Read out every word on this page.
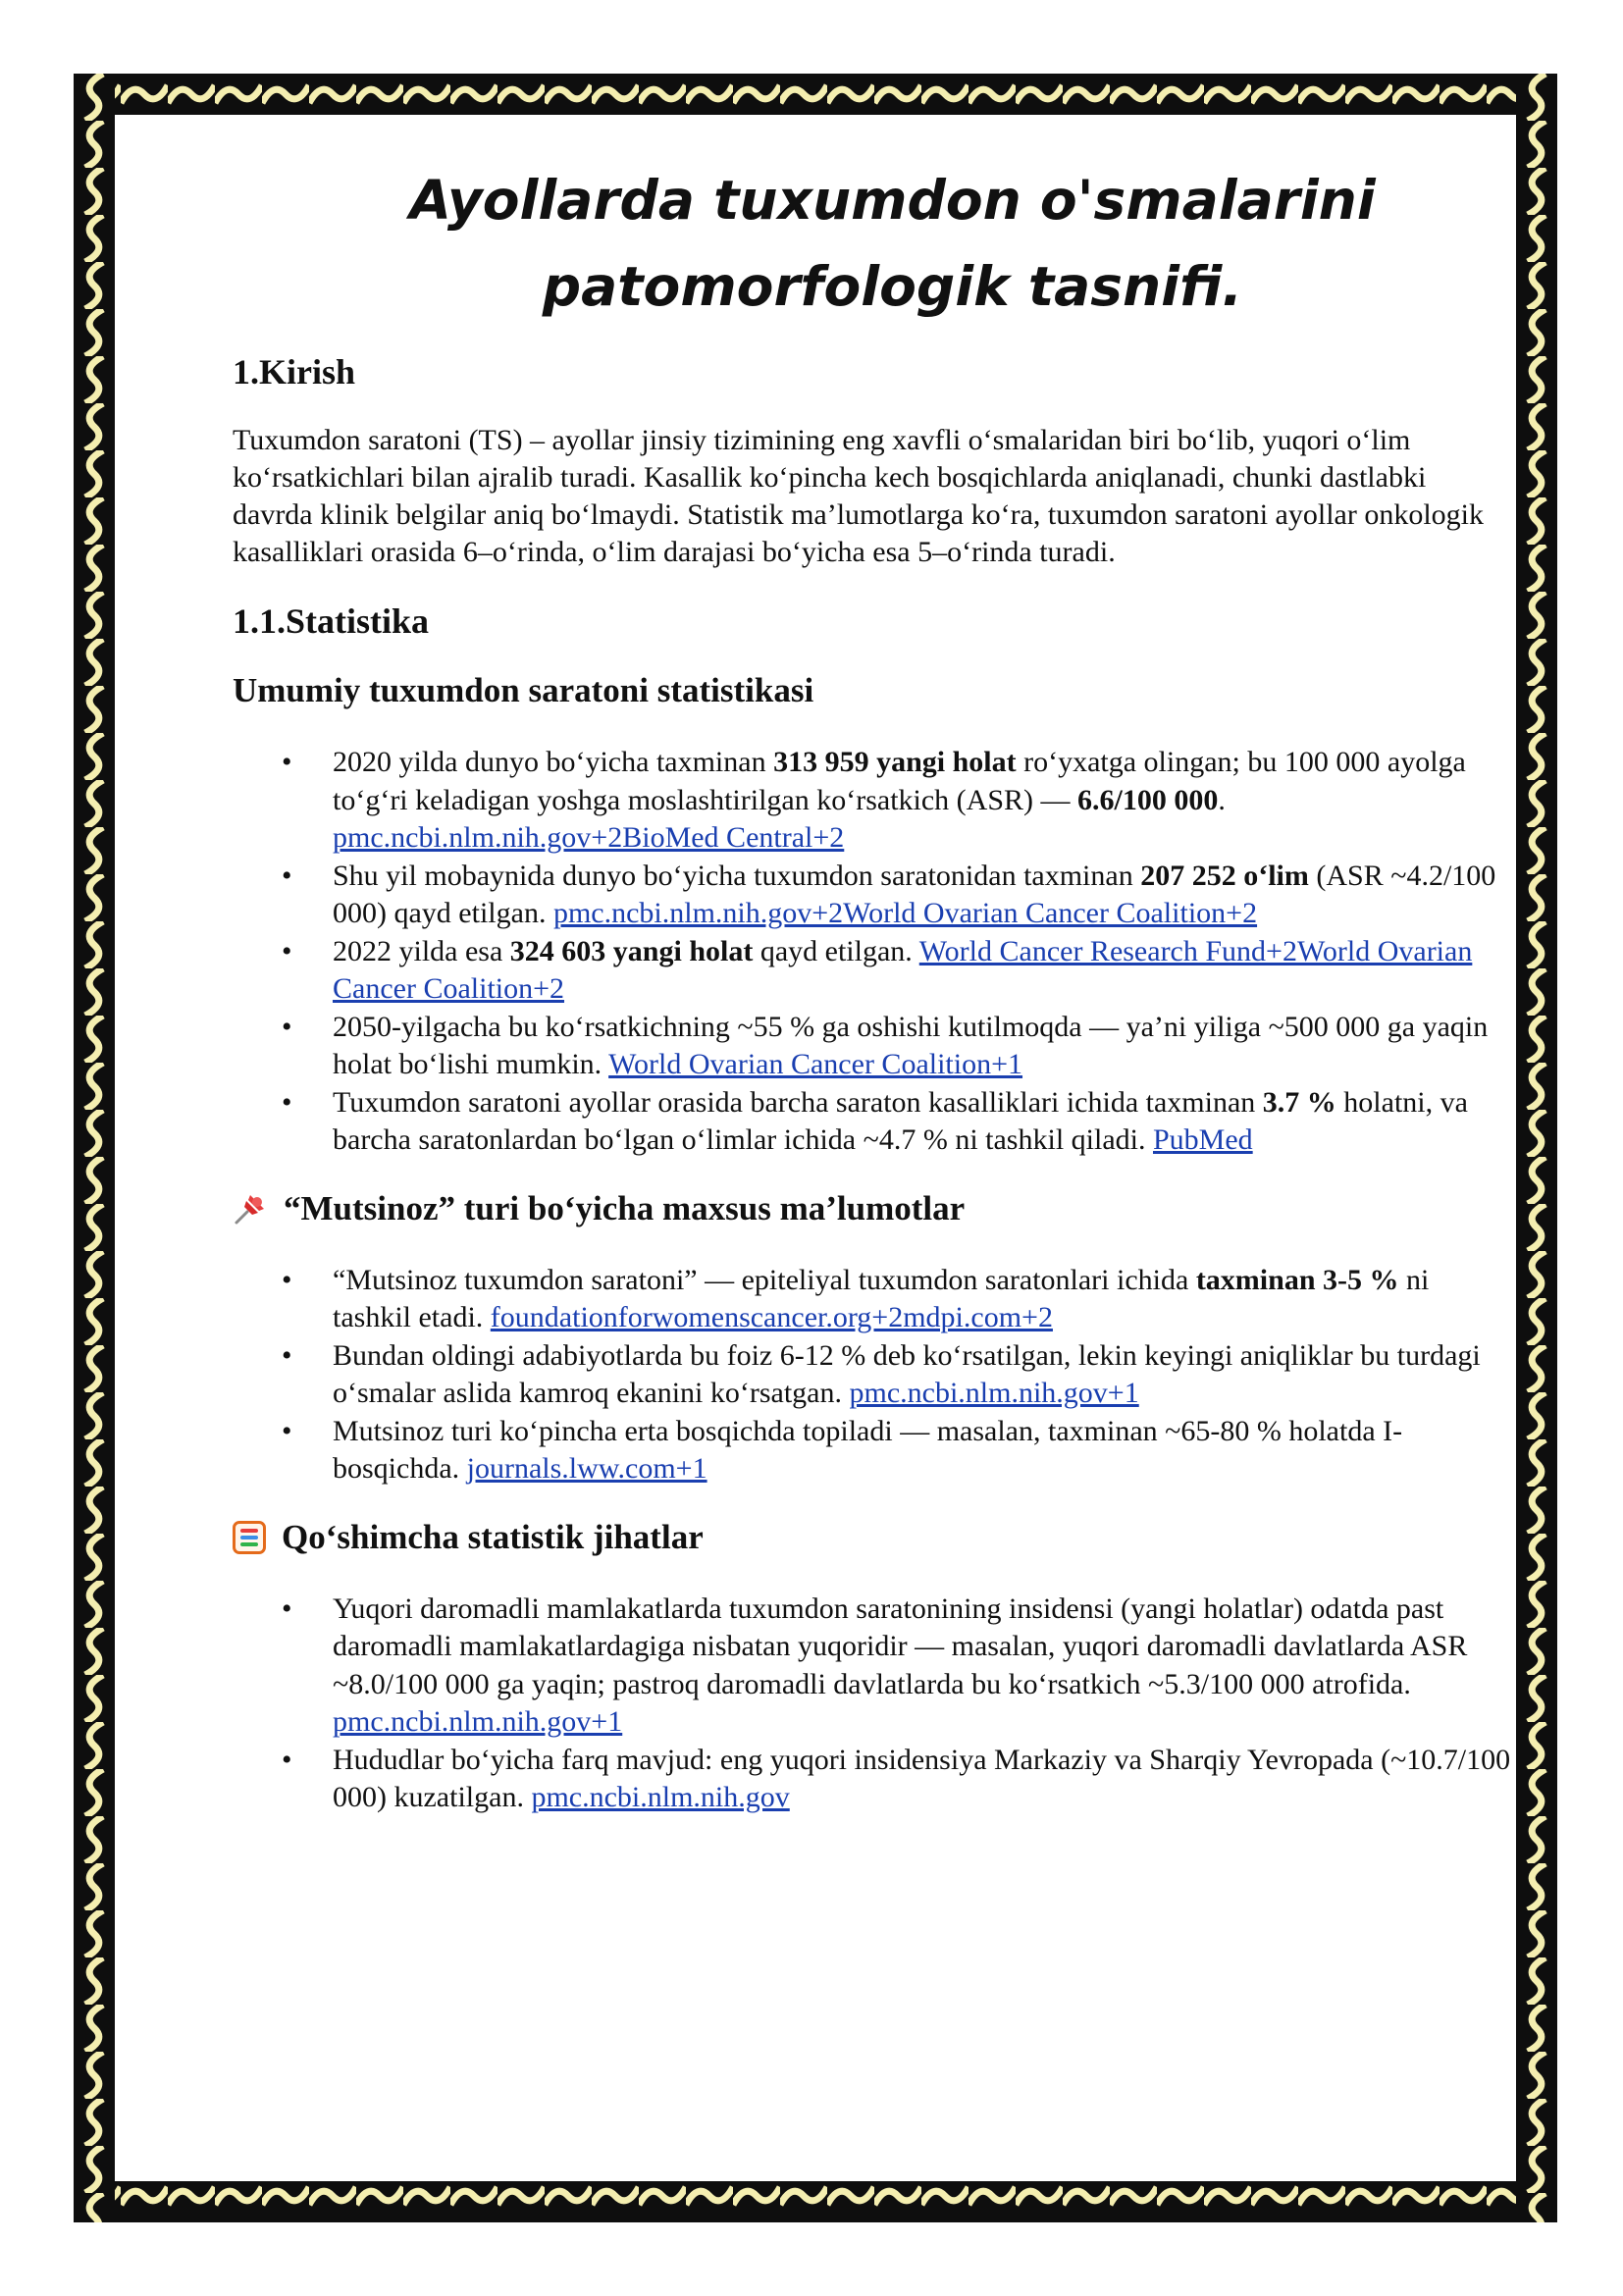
Ayollarda tuxumdon o'smalarini
patomorfologik tasnifi.
1.Kirish

Tuxumdon saratoni (TS) – ayollar jinsiy tizimining eng xavfli o‘smalaridan biri bo‘lib, yuqori o‘lim ko‘rsatkichlari bilan ajralib turadi. Kasallik ko‘pincha kech bosqichlarda aniqlanadi, chunki dastlabki davrda klinik belgilar aniq bo‘lmaydi. Statistik ma’lumotlarga ko‘ra, tuxumdon saratoni ayollar onkologik kasalliklari orasida 6–o‘rinda, o‘lim darajasi bo‘yicha esa 5–o‘rinda turadi.

1.1.Statistika
Umumiy tuxumdon saratoni statistikasi
• 2020 yilda dunyo bo‘yicha taxminan 313 959 yangi holat ro‘yxatga olingan; bu 100 000 ayolga to‘g‘ri keladigan yoshga moslashtirilgan ko‘rsatkich (ASR) — 6.6/100 000. pmc.ncbi.nlm.nih.gov+2BioMed Central+2
• Shu yil mobaynida dunyo bo‘yicha tuxumdon saratonidan taxminan 207 252 o‘lim (ASR ~4.2/100 000) qayd etilgan. pmc.ncbi.nlm.nih.gov+2World Ovarian Cancer Coalition+2
• 2022 yilda esa 324 603 yangi holat qayd etilgan. World Cancer Research Fund+2World Ovarian Cancer Coalition+2
• 2050-yilgacha bu ko‘rsatkichning ~55 % ga oshishi kutilmoqda — ya’ni yiliga ~500 000 ga yaqin holat bo‘lishi mumkin. World Ovarian Cancer Coalition+1
• Tuxumdon saratoni ayollar orasida barcha saraton kasalliklari ichida taxminan 3.7 % holatni, va barcha saratonlardan bo‘lgan o‘limlar ichida ~4.7 % ni tashkil qiladi. PubMed
“Mutsinoz” turi bo‘yicha maxsus ma’lumotlar
• “Mutsinoz tuxumdon saratoni” — epiteliyal tuxumdon saratonlari ichida taxminan 3-5 % ni tashkil etadi. foundationforwomenscancer.org+2mdpi.com+2
• Bundan oldingi adabiyotlarda bu foiz 6-12 % deb ko‘rsatilgan, lekin keyingi aniqliklar bu turdagi o‘smalar aslida kamroq ekanini ko‘rsatgan. pmc.ncbi.nlm.nih.gov+1
• Mutsinoz turi ko‘pincha erta bosqichda topiladi — masalan, taxminan ~65-80 % holatda I-bosqichda. journals.lww.com+1
Qo‘shimcha statistik jihatlar
• Yuqori daromadli mamlakatlarda tuxumdon saratonining insidensi (yangi holatlar) odatda past daromadli mamlakatlardagiga nisbatan yuqoridir — masalan, yuqori daromadli davlatlarda ASR ~8.0/100 000 ga yaqin; pastroq daromadli davlatlarda bu ko‘rsatkich ~5.3/100 000 atrofida. pmc.ncbi.nlm.nih.gov+1
• Hududlar bo‘yicha farq mavjud: eng yuqori insidensiya Markaziy va Sharqiy Yevropada (~10.7/100 000) kuzatilgan. pmc.ncbi.nlm.nih.gov
